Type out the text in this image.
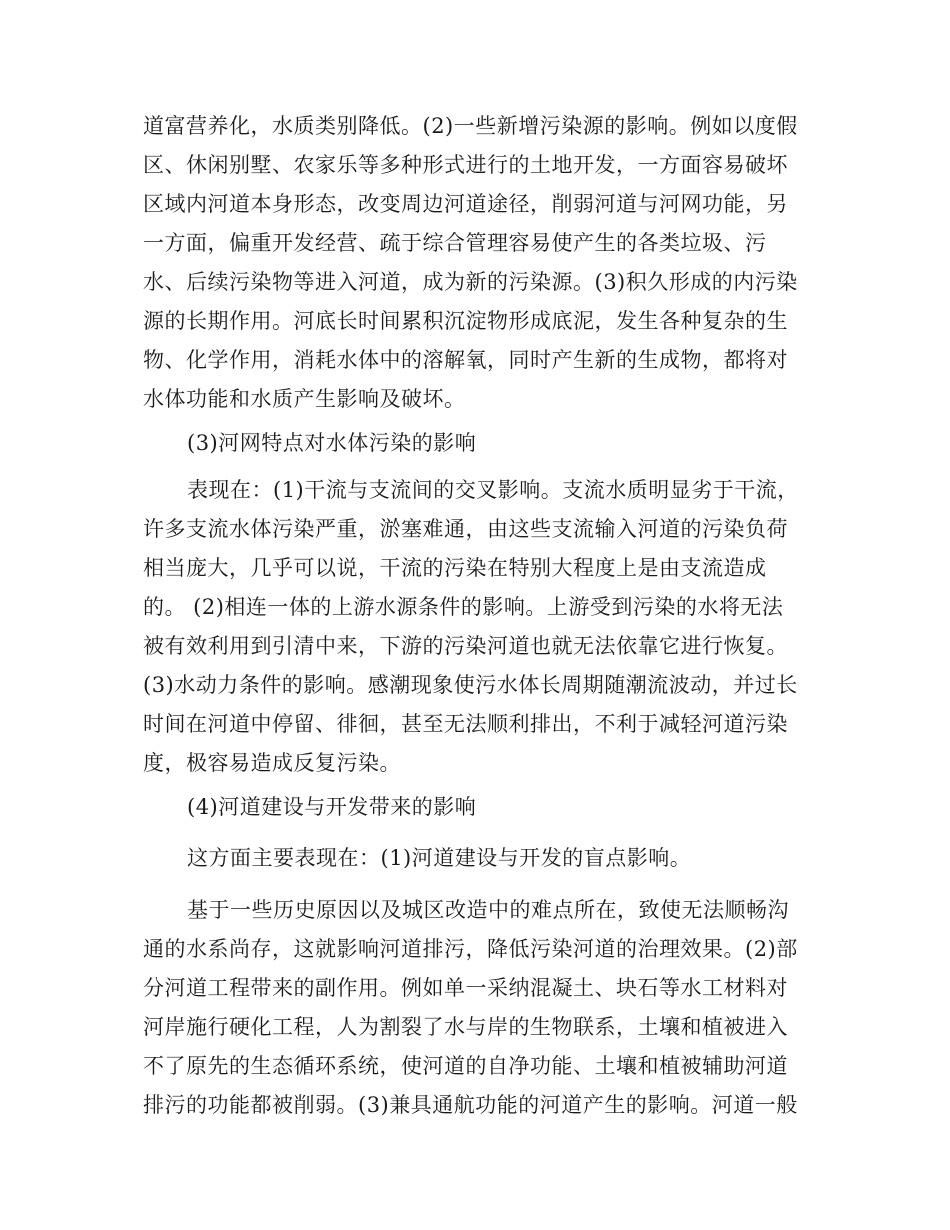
道富营养化，水质类别降低。(2)一些新增污染源的影响。例如以度假
区、休闲别墅、农家乐等多种形式进行的土地开发，一方面容易破坏
区域内河道本身形态，改变周边河道途径，削弱河道与河网功能，另
一方面，偏重开发经营、疏于综合管理容易使产生的各类垃圾、污
水、后续污染物等进入河道，成为新的污染源。(3)积久形成的内污染
源的长期作用。河底长时间累积沉淀物形成底泥，发生各种复杂的生
物、化学作用，消耗水体中的溶解氧，同时产生新的生成物，都将对
水体功能和水质产生影响及破坏。
(3)河网特点对水体污染的影响
表现在：(1)干流与支流间的交叉影响。支流水质明显劣于干流，
许多支流水体污染严重，淤塞难通，由这些支流输入河道的污染负荷
相当庞大，几乎可以说，干流的污染在特别大程度上是由支流造成
的。 (2)相连一体的上游水源条件的影响。上游受到污染的水将无法
被有效利用到引清中来，下游的污染河道也就无法依靠它进行恢复。
(3)水动力条件的影响。感潮现象使污水体长周期随潮流波动，并过长
时间在河道中停留、徘徊，甚至无法顺利排出，不利于减轻河道污染
度，极容易造成反复污染。
(4)河道建设与开发带来的影响
这方面主要表现在：(1)河道建设与开发的盲点影响。
基于一些历史原因以及城区改造中的难点所在，致使无法顺畅沟
通的水系尚存，这就影响河道排污，降低污染河道的治理效果。(2)部
分河道工程带来的副作用。例如单一采纳混凝土、块石等水工材料对
河岸施行硬化工程，人为割裂了水与岸的生物联系，土壤和植被进入
不了原先的生态循环系统，使河道的自净功能、土壤和植被辅助河道
排污的功能都被削弱。(3)兼具通航功能的河道产生的影响。河道一般
